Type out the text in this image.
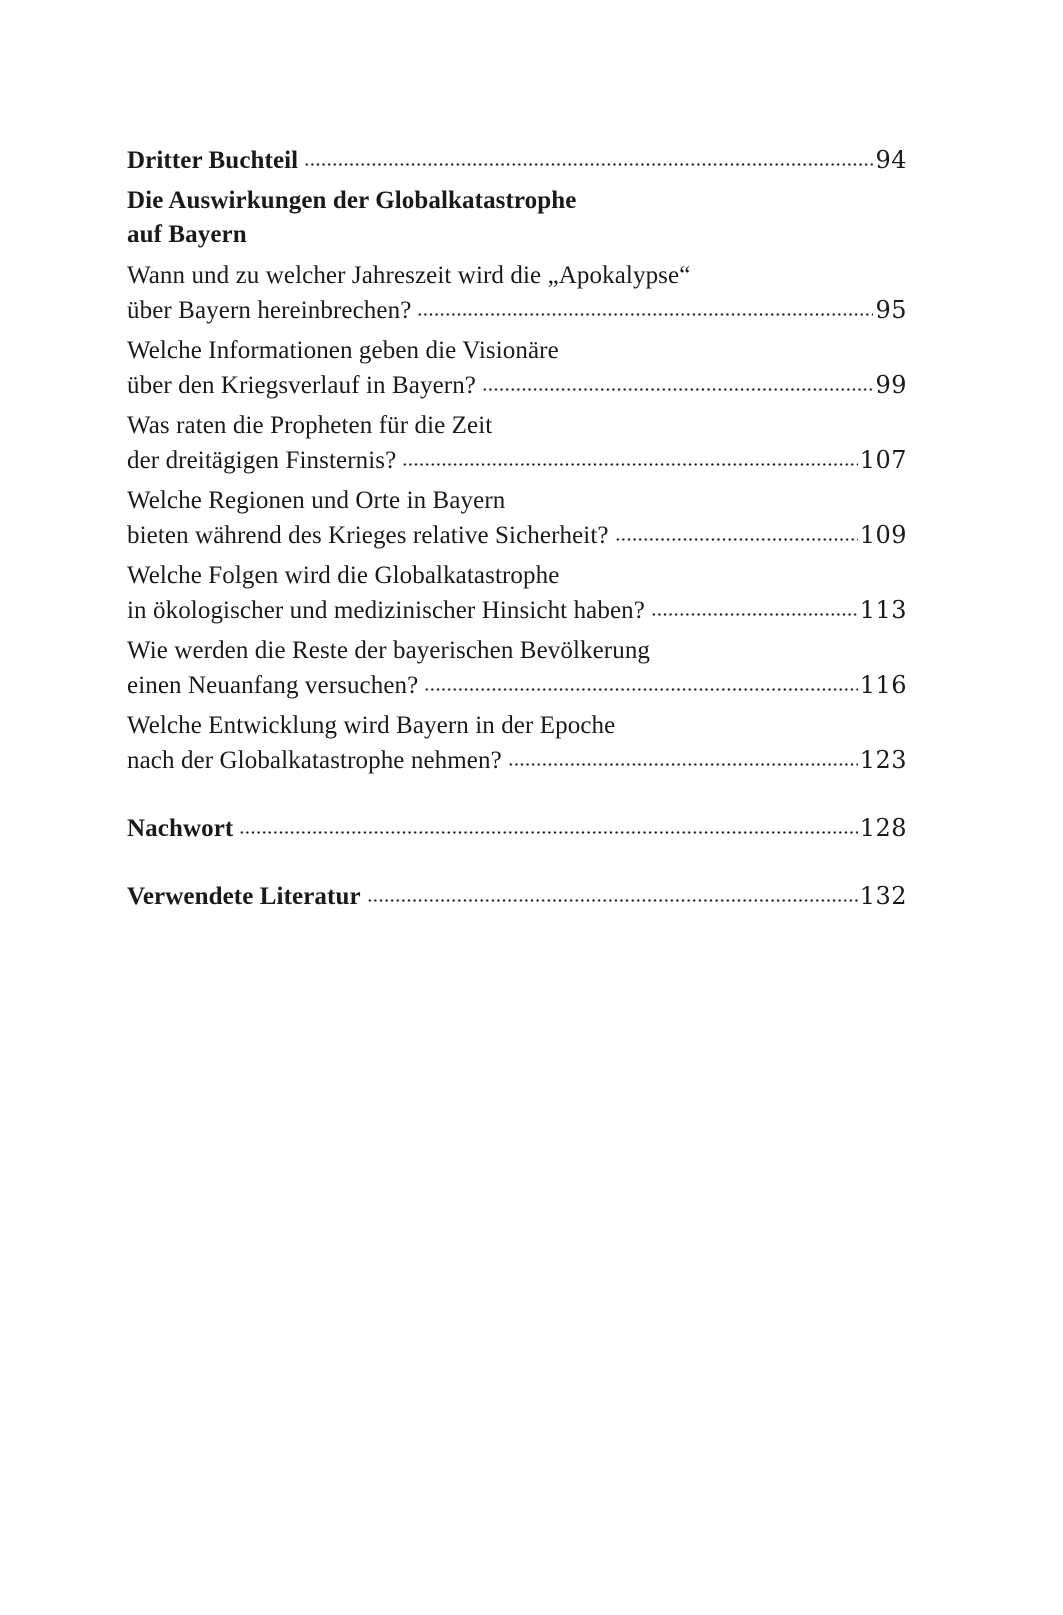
Dritter Buchteil	94
Die Auswirkungen der Globalkatastrophe
auf Bayern
Wann und zu welcher Jahreszeit wird die „Apokalypse“
über Bayern hereinbrechen?	95
Welche Informationen geben die Visionäre
über den Kriegsverlauf in Bayern?	99
Was raten die Propheten für die Zeit
der dreitägigen Finsternis?	107
Welche Regionen und Orte in Bayern
bieten während des Krieges relative Sicherheit?	109
Welche Folgen wird die Globalkatastrophe
in ökologischer und medizinischer Hinsicht haben?	113
Wie werden die Reste der bayerischen Bevölkerung
einen Neuanfang versuchen?	116
Welche Entwicklung wird Bayern in der Epoche
nach der Globalkatastrophe nehmen?	123
Nachwort	128
Verwendete Literatur	132
